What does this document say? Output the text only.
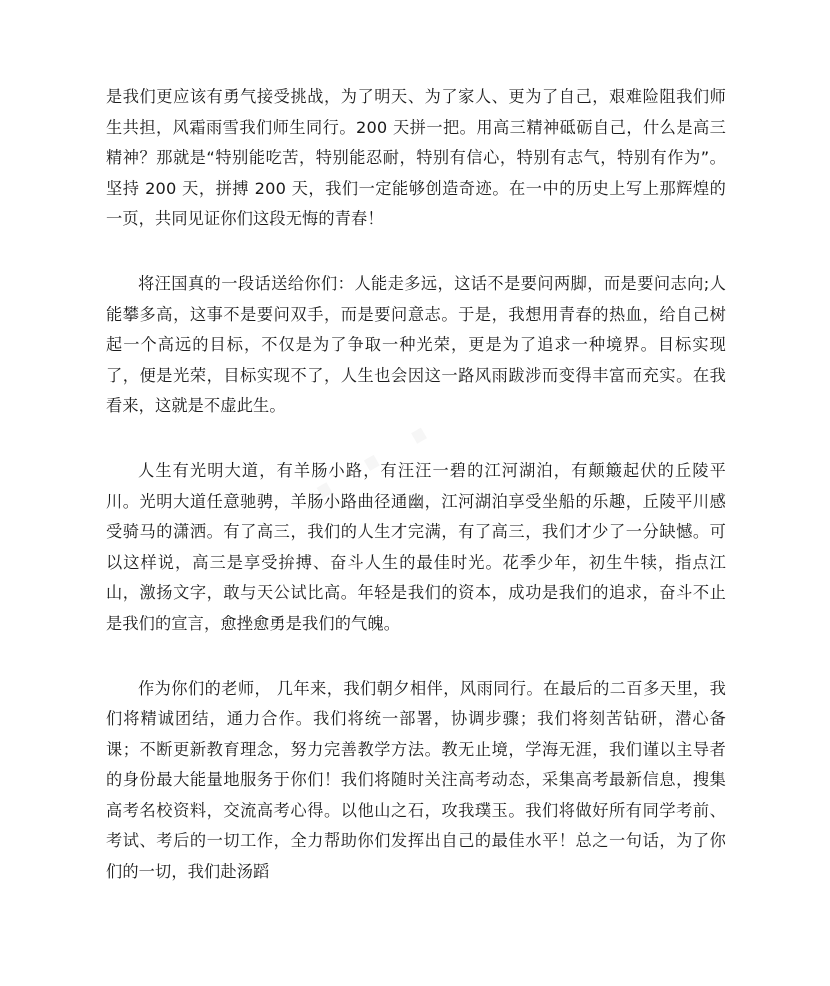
· · ·

是我们更应该有勇气接受挑战，为了明天、为了家人、更为了自己，艰难险阻我们师生共担，风霜雨雪我们师生同行。200 天拼一把。用高三精神砥砺自己，什么是高三精神？那就是“特别能吃苦，特别能忍耐，特别有信心，特别有志气，特别有作为”。坚持 200 天，拼搏 200 天，我们一定能够创造奇迹。在一中的历史上写上那辉煌的一页，共同见证你们这段无悔的青春！

将汪国真的一段话送给你们：人能走多远，这话不是要问两脚，而是要问志向;人能攀多高，这事不是要问双手，而是要问意志。于是，我想用青春的热血，给自己树起一个高远的目标，不仅是为了争取一种光荣，更是为了追求一种境界。目标实现了，便是光荣，目标实现不了，人生也会因这一路风雨跋涉而变得丰富而充实。在我看来，这就是不虚此生。

人生有光明大道，有羊肠小路，有汪汪一碧的江河湖泊，有颠簸起伏的丘陵平川。光明大道任意驰骋，羊肠小路曲径通幽，江河湖泊享受坐船的乐趣，丘陵平川感受骑马的潇洒。有了高三，我们的人生才完满，有了高三，我们才少了一分缺憾。可以这样说，高三是享受拚搏、奋斗人生的最佳时光。花季少年，初生牛犊，指点江山，激扬文字，敢与天公试比高。年轻是我们的资本，成功是我们的追求，奋斗不止是我们的宣言，愈挫愈勇是我们的气魄。

作为你们的老师， 几年来，我们朝夕相伴，风雨同行。在最后的二百多天里，我们将精诚团结，通力合作。我们将统一部署，协调步骤；我们将刻苦钻研，潜心备课；不断更新教育理念，努力完善教学方法。教无止境，学海无涯，我们谨以主导者的身份最大能量地服务于你们！我们将随时关注高考动态，采集高考最新信息，搜集高考名校资料，交流高考心得。以他山之石，攻我璞玉。我们将做好所有同学考前、考试、考后的一切工作，全力帮助你们发挥出自己的最佳水平！总之一句话，为了你们的一切，我们赴汤蹈
